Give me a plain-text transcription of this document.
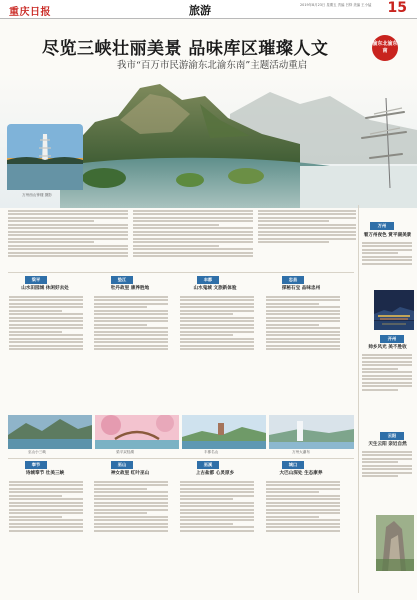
重庆日报	旅游	2019年8月23日 星期五 责编 吕铎 美编 王小猛 15
尽览三峡壮丽美景 品味库区璀璨人文
我市“百万市民游渝东北渝东南”主题活动重启
渝东北渝东南
万州西山钟楼 摄影
万州
看万州夜色 赏平湖美景
开州
帅乡风光 美不胜收
云阳
天生云阳 亲近自然
梁平
山水田园城 休闲好去处
垫江
牡丹故里 康养胜地
丰都
山水鬼城 文旅新体验
忠县
探秘石宝 品味忠州
巫山小三峡	梁平双桂湖	丰都名山	万州大瀑布
奉节
诗城奉节 壮美三峡
巫山
神女故里 红叶巫山
巫溪
上古盐都 心灵原乡
城口
大巴山深处 生态康养
